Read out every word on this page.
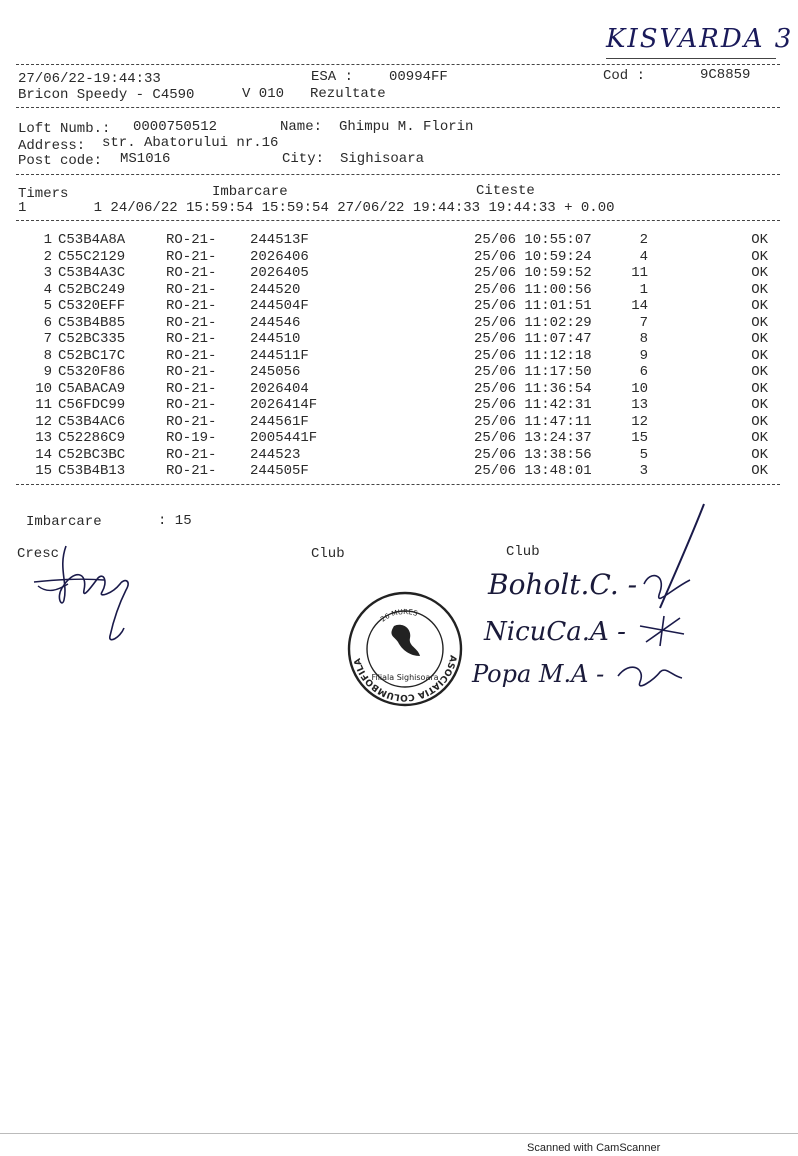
KISVARDA 3
27/06/22-19:44:33	ESA :	00994FF	Cod :	9C8859
Bricon Speedy - C4590	V 010 Rezultate
Loft Numb.: 0000750512	Name: Ghimpu M. Florin
Address: str. Abatorului nr.16
Post code: MS1016	City: Sighisoara
Timers	Imbarcare	Citeste
1        1 24/06/22 15:59:54 15:59:54 27/06/22 19:44:33 19:44:33 + 0.00
1	C53B4A8A	RO-21-	244513F	25/06 10:55:07	2	OK
2	C55C2129	RO-21-	2026406	25/06 10:59:24	4	OK
3	C53B4A3C	RO-21-	2026405	25/06 10:59:52	11	OK
4	C52BC249	RO-21-	244520	25/06 11:00:56	1	OK
5	C5320EFF	RO-21-	244504F	25/06 11:01:51	14	OK
6	C53B4B85	RO-21-	244546	25/06 11:02:29	7	OK
7	C52BC335	RO-21-	244510	25/06 11:07:47	8	OK
8	C52BC17C	RO-21-	244511F	25/06 11:12:18	9	OK
9	C5320F86	RO-21-	245056	25/06 11:17:50	6	OK
10	C5ABACA9	RO-21-	2026404	25/06 11:36:54	10	OK
11	C56FDC99	RO-21-	2026414F	25/06 11:42:31	13	OK
12	C53B4AC6	RO-21-	244561F	25/06 11:47:11	12	OK
13	C52286C9	RO-19-	2005441F	25/06 13:24:37	15	OK
14	C52BC3BC	RO-21-	244523	25/06 13:38:56	5	OK
15	C53B4B13	RO-21-	244505F	25/06 13:48:01	3	OK
Imbarcare	: 15
Cresc	Club	Club
Boholt.C. -
NicuCa.A -
Popa M.A -
ASOCIATIA COLUMBOFILA
26 MURES
Filiala Sighisoara
Scanned with CamScanner
